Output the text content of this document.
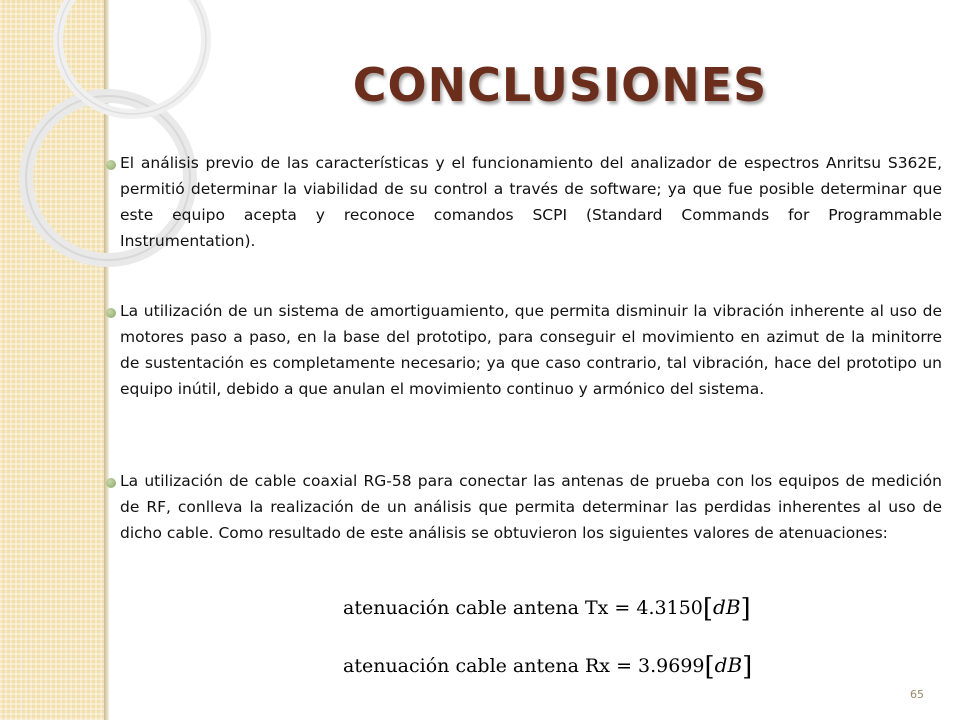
CONCLUSIONES
El análisis previo de las características y el funcionamiento del analizador de espectros Anritsu S362E, permitió determinar la viabilidad de su control a través de software; ya que fue posible determinar que este equipo acepta y reconoce comandos SCPI (Standard Commands for Programmable Instrumentation).
La utilización de un sistema de amortiguamiento, que permita disminuir la vibración inherente al uso de motores paso a paso, en la base del prototipo, para conseguir el movimiento en azimut de la minitorre de sustentación es completamente necesario; ya que caso contrario, tal vibración, hace del prototipo un equipo inútil, debido a que anulan el movimiento continuo y armónico del sistema.
La utilización de cable coaxial RG-58 para conectar las antenas de prueba con los equipos de medición de RF, conlleva la realización de un análisis que permita determinar las perdidas inherentes al uso de dicho cable. Como resultado de este análisis se obtuvieron los siguientes valores de atenuaciones:
atenuación cable antena Tx = 4.3150[dB]
atenuación cable antena Rx = 3.9699[dB]
65
